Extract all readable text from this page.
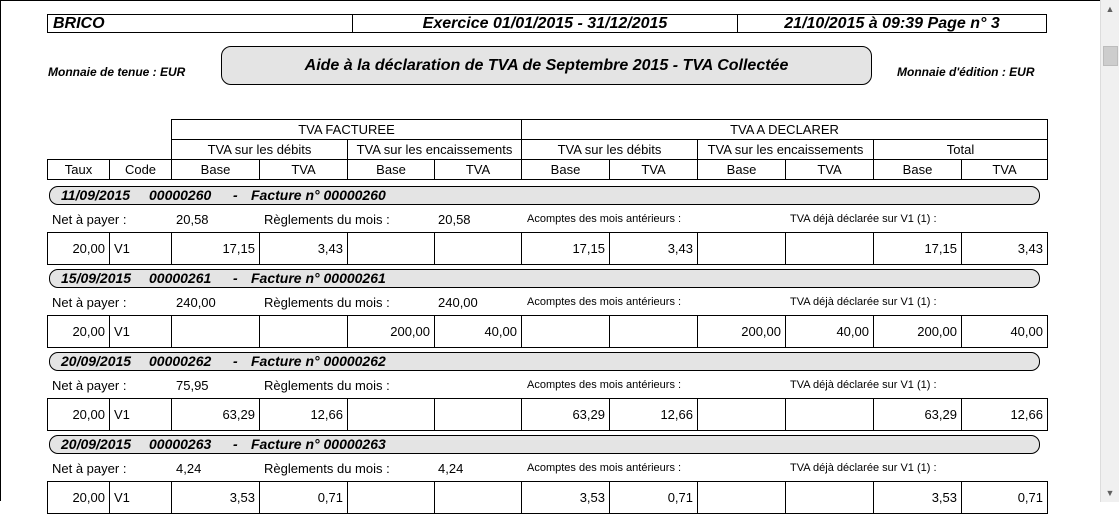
▲
▼
BRICO	Exercice 01/01/2015 - 31/12/2015	21/10/2015 à 09:39 Page n° 3
Monnaie de tenue : EUR	Aide à la déclaration de TVA de Septembre 2015 - TVA Collectée	Monnaie d'édition : EUR
		TVA FACTUREE				TVA A DECLARER					
		TVA sur les débits		TVA sur les encaissements		TVA sur les débits		TVA sur les encaissements		Total	
Taux	Code	Base	TVA	Base	TVA	Base	TVA	Base	TVA	Base	TVA
11/09/2015 00000260 - Facture n° 00000260
Net à payer :	20,58	Règlements du mois :	20,58	Acomptes des mois antérieurs :	TVA déjà déclarée sur V1 (1) :
20,00	V1	17,15	3,43			17,15	3,43			17,15	3,43
15/09/2015 00000261 - Facture n° 00000261
Net à payer :	240,00	Règlements du mois :	240,00	Acomptes des mois antérieurs :	TVA déjà déclarée sur V1 (1) :
20,00	V1			200,00	40,00			200,00	40,00	200,00	40,00
20/09/2015 00000262 - Facture n° 00000262
Net à payer :	75,95	Règlements du mois :	Acomptes des mois antérieurs :	TVA déjà déclarée sur V1 (1) :
20,00	V1	63,29	12,66			63,29	12,66			63,29	12,66
20/09/2015 00000263 - Facture n° 00000263
Net à payer :	4,24	Règlements du mois :	4,24	Acomptes des mois antérieurs :	TVA déjà déclarée sur V1 (1) :
20,00	V1	3,53	0,71			3,53	0,71			3,53	0,71
